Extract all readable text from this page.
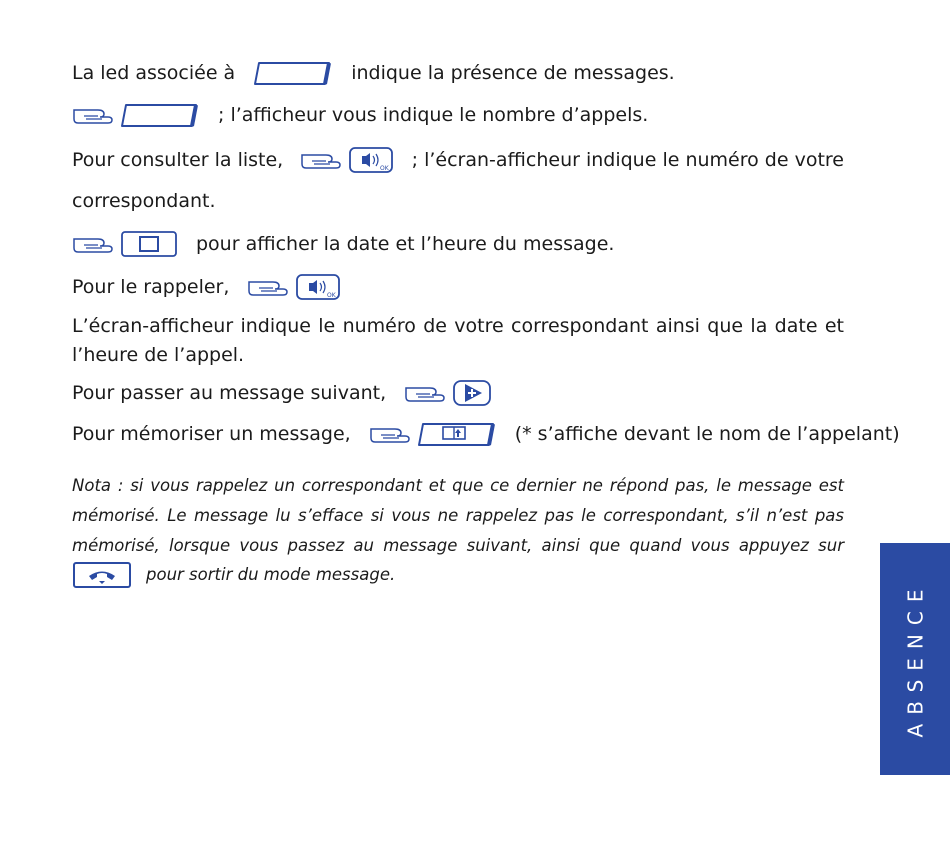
La led associée à	indique la présence de messages.
; l’afficheur vous indique le nombre d’appels.
Pour consulter la liste,	OK ; l’écran-afficheur indique le numéro de votre
correspondant.
pour afficher la date et l’heure du message.
Pour le rappeler,	OK
L’écran-afficheur indique le numéro de votre correspondant ainsi que la date et
l’heure de l’appel.
Pour passer au message suivant,
Pour mémoriser un message,	(* s’affiche devant le nom de l’appelant)
Nota : si vous rappelez un correspondant et que ce dernier ne répond pas, le message est
mémorisé. Le message lu s’efface si vous ne rappelez pas le correspondant, s’il n’est pas
mémorisé, lorsque vous passez au message suivant, ainsi que quand vous appuyez sur
pour sortir du mode message.
ABSENCE
